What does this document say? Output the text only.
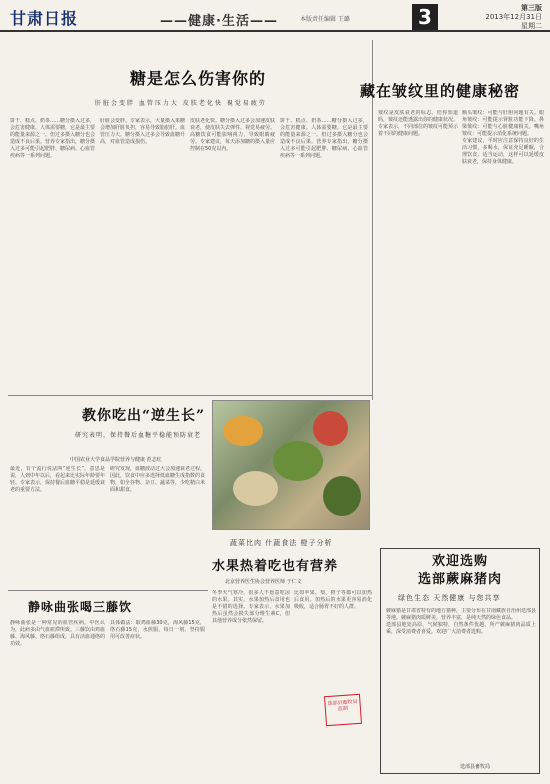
甘肃日报	——健康·生活——	本版责任编辑 王璐	3	第三版
2013年12月31日
星期二
糖是怎么伤害你的
肝脏会变胖 血管压力大 皮肤老化快 視觉易疲劳

饼干、糕点、奶茶……糖分摄入过多，会危害健康。人体需要糖，它是最主要的能量来源之一。但过多摄入糖分也会造成不良后果。营养专家指出，糖分摄入过多可能引起肥胖、糖尿病、心血管疾病等一系列问题。

肝脏会变胖。专家表示，大量摄入果糖会增加肝脏负担，容易导致脂肪肝。血管压力大。糖分摄入过多会导致血糖升高，对血管造成损伤。

皮肤老化快。糖分摄入过多会加速皮肤衰老，使皮肤失去弹性。视觉易疲劳。高糖饮食可能影响视力，导致眼睛疲劳。专家建议，每天添加糖的摄入量应控制在50克以内。

饼干、糕点、奶茶……糖分摄入过多，会危害健康。人体需要糖，它是最主要的能量来源之一。但过多摄入糖分也会造成不良后果。营养专家指出，糖分摄入过多可能引起肥胖、糖尿病、心血管疾病等一系列问题。

藏在皱纹里的健康秘密

皱纹是皮肤衰老的标志。但你知道吗，皱纹还能透露出你的健康状况。专家表示，不同部位的皱纹可能预示着不同的健康问题。

额头皱纹：可能与肝胆问题有关。眼角皱纹：可能提示肾脏功能下降。鼻梁皱纹：可能与心脏健康相关。嘴角皱纹：可能提示消化系统问题。

专家建议，平时应注意保持良好的生活习惯，多喝水，保证充足睡眠，合理饮食，适当运动，这样可以延缓皮肤衰老，保持身体健康。

教你吃出“逆生长”
研究表明，保持餐后血糖平稳能预防衰老
中国农业大学食品学院营养与健康 范志红

最近，有个流行说法叫“逆生长”。意思是说，人到中年以后，看起来比实际年龄要年轻。专家表示，保持餐后血糖平稳是延缓衰老的重要方法。

研究发现，血糖波动过大会加速衰老过程。因此，饮食中应多选择低血糖生成指数的食物，如全谷物、杂豆、蔬菜等，少吃精白米面和甜食。

静咏曲张喝三藤饮

静咏曲张是一种常见的血管疾病。中医认为，此病多由气血瘀滞所致。三藤饮由鸡血藤、海风藤、络石藤组成，具有活血通络的功效。

具体做法：取鸡血藤30克，海风藤15克，络石藤15克，水煎服，每日一剂。坚持服用可改善症状。

蔬菜比肉 什蔬食法 橙子分析
水果热着吃也有营养
北京营养医生协会营养医师 于仁文

冬季天气寒冷，很多人不愿意吃凉的水果。其实，水果加热后食用也是不错的选择。专家表示，水果加热后虽然会损失部分维生素C，但其他营养成分依然保留。

比如苹果、梨、橙子等都可以加热后食用。加热后的水果更容易消化吸收，适合肠胃不好的人群。

欢迎选购
选部蕨麻猪肉
绿色生态 天然健康 与您共享

蕨麻猪是甘肃省特有的地方猪种，主要分布在甘南藏族自治州迭部县等地。蕨麻猪肉质鲜美，营养丰富，是纯天然的绿色食品。

迭部县地处高原，气候独特，自然条件优越，所产蕨麻猪肉品质上乘，深受消费者喜爱。欢迎广大消费者选购。

迭部县畜牧局
迭部县畜牧局 监制
